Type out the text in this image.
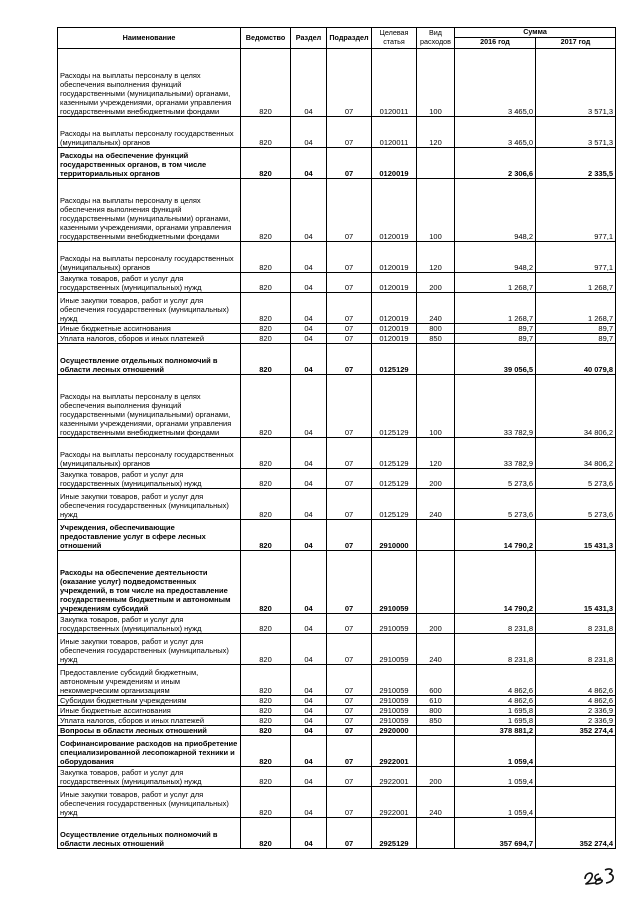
Наименование	Ведомство	Раздел	Подраздел	Целевая статья	Вид расходов	Сумма	
						2016 год	2017 год
Расходы на выплаты персоналу в целях обеспечения выполнения функций государственными (муниципальными) органами, казенными учреждениями, органами управления государственными внебюджетными фондами	820	04	07	0120011	100	3 465,0	3 571,3
Расходы на выплаты персоналу государственных (муниципальных) органов	820	04	07	0120011	120	3 465,0	3 571,3
Расходы на обеспечение функций государственных органов, в том числе территориальных органов	820	04	07	0120019		2 306,6	2 335,5
Расходы на выплаты персоналу в целях обеспечения выполнения функций государственными (муниципальными) органами, казенными учреждениями, органами управления государственными внебюджетными фондами	820	04	07	0120019	100	948,2	977,1
Расходы на выплаты персоналу государственных (муниципальных) органов	820	04	07	0120019	120	948,2	977,1
Закупка товаров, работ и услуг для государственных (муниципальных) нужд	820	04	07	0120019	200	1 268,7	1 268,7
Иные закупки товаров, работ и услуг для обеспечения государственных (муниципальных) нужд	820	04	07	0120019	240	1 268,7	1 268,7
Иные бюджетные ассигнования	820	04	07	0120019	800	89,7	89,7
Уплата налогов, сборов и иных платежей	820	04	07	0120019	850	89,7	89,7
Осуществление отдельных полномочий в области лесных отношений	820	04	07	0125129		39 056,5	40 079,8
Расходы на выплаты персоналу в целях обеспечения выполнения функций государственными (муниципальными) органами, казенными учреждениями, органами управления государственными внебюджетными фондами	820	04	07	0125129	100	33 782,9	34 806,2
Расходы на выплаты персоналу государственных (муниципальных) органов	820	04	07	0125129	120	33 782,9	34 806,2
Закупка товаров, работ и услуг для государственных (муниципальных) нужд	820	04	07	0125129	200	5 273,6	5 273,6
Иные закупки товаров, работ и услуг для обеспечения государственных (муниципальных) нужд	820	04	07	0125129	240	5 273,6	5 273,6
Учреждения, обеспечивающие предоставление услуг в сфере лесных отношений	820	04	07	2910000		14 790,2	15 431,3
Расходы на обеспечение деятельности (оказание услуг) подведомственных учреждений, в том числе на предоставление государственным бюджетным и автономным учреждениям субсидий	820	04	07	2910059		14 790,2	15 431,3
Закупка товаров, работ и услуг для государственных (муниципальных) нужд	820	04	07	2910059	200	8 231,8	8 231,8
Иные закупки товаров, работ и услуг для обеспечения государственных (муниципальных) нужд	820	04	07	2910059	240	8 231,8	8 231,8
Предоставление субсидий бюджетным, автономным учреждениям и иным некоммерческим организациям	820	04	07	2910059	600	4 862,6	4 862,6
Субсидии бюджетным учреждениям	820	04	07	2910059	610	4 862,6	4 862,6
Иные бюджетные ассигнования	820	04	07	2910059	800	1 695,8	2 336,9
Уплата налогов, сборов и иных платежей	820	04	07	2910059	850	1 695,8	2 336,9
Вопросы в области лесных отношений	820	04	07	2920000		378 881,2	352 274,4
Софинансирование расходов на приобретение специализированной лесопожарной техники и оборудования	820	04	07	2922001		1 059,4	
Закупка товаров, работ и услуг для государственных (муниципальных) нужд	820	04	07	2922001	200	1 059,4	
Иные закупки товаров, работ и услуг для обеспечения государственных (муниципальных) нужд	820	04	07	2922001	240	1 059,4	
Осуществление отдельных полномочий в области лесных отношений	820	04	07	2925129		357 694,7	352 274,4
